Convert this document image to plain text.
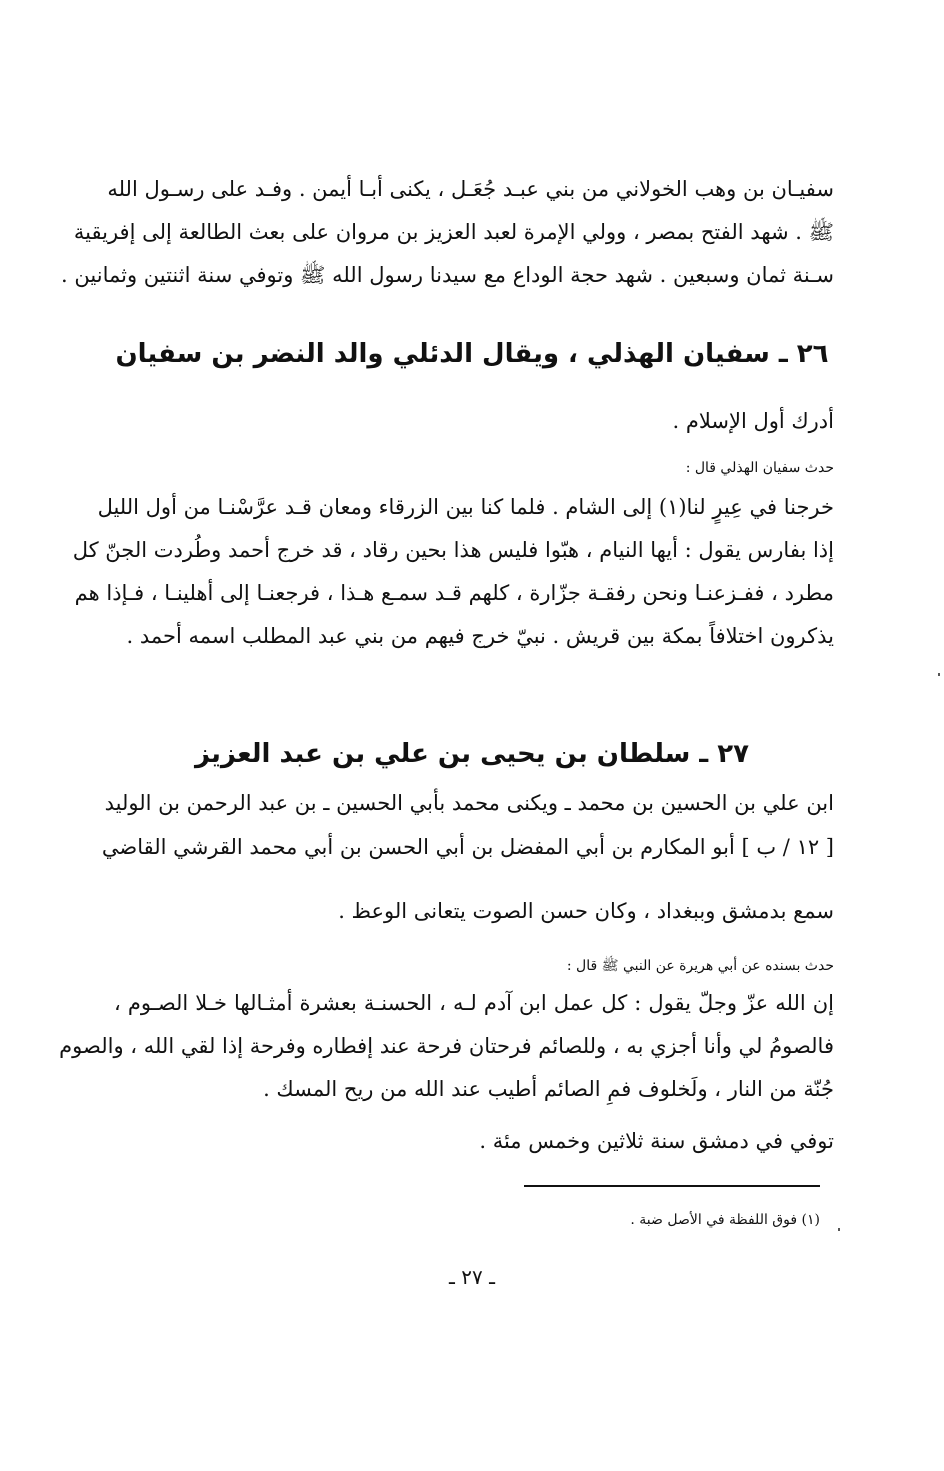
سفيـان بن وهب الخولاني من بني عبـد جُعَـل ، يكنى أبـا أيمن . وفـد على رسـول الله
ﷺ . شهد الفتح بمصر ، وولي الإمرة لعبد العزيز بن مروان على بعث الطالعة إلى إفريقية
سـنة ثمان وسبعين . شهد حجة الوداع مع سيدنا رسول الله ﷺ وتوفي سنة اثنتين وثمانين .
٢٦ ـ سفيان الهذلي ، ويقال الدئلي والد النضر بن سفيان
أدرك أول الإسلام .
حدث سفيان الهذلي قال :
خرجنا في عِيرٍ لنا(١) إلى الشام . فلما كنا بين الزرقاء ومعان قـد عرَّسْنـا من أول الليل
إذا بفارس يقول : أيها النيام ، هبّوا فليس هذا بحين رقاد ، قد خرج أحمد وطُردت الجنّ كل
مطرد ، ففـزعنـا ونحن رفقـة جزّارة ، كلهم قـد سمـع هـذا ، فرجعنـا إلى أهلينـا ، فـإذا هم
يذكرون اختلافاً بمكة بين قريش . نبيّ خرج فيهم من بني عبد المطلب اسمه أحمد .
٢٧ ـ سلطان بن يحيى بن علي بن عبد العزيز
ابن علي بن الحسين بن محمد ـ ويكنى محمد بأبي الحسين ـ بن عبد الرحمن بن الوليد
[ ١٢ / ب ] أبو المكارم بن أبي المفضل بن أبي الحسن بن أبي محمد القرشي القاضي
سمع بدمشق وببغداد ، وكان حسن الصوت يتعانى الوعظ .
حدث بسنده عن أبي هريرة عن النبي ﷺ قال :
إن الله عزّ وجلّ يقول : كل عمل ابن آدم لـه ، الحسنـة بعشرة أمثـالها خـلا الصـوم ،
فالصومُ لي وأنا أجزي به ، وللصائم فرحتان فرحة عند إفطاره وفرحة إذا لقي الله ، والصوم
جُنّة من النار ، ولَخلوف فمِ الصائم أطيب عند الله من ريح المسك .
توفي في دمشق سنة ثلاثين وخمس مئة .
(١) فوق اللفظة في الأصل ضبة .
ـ ٢٧ ـ
